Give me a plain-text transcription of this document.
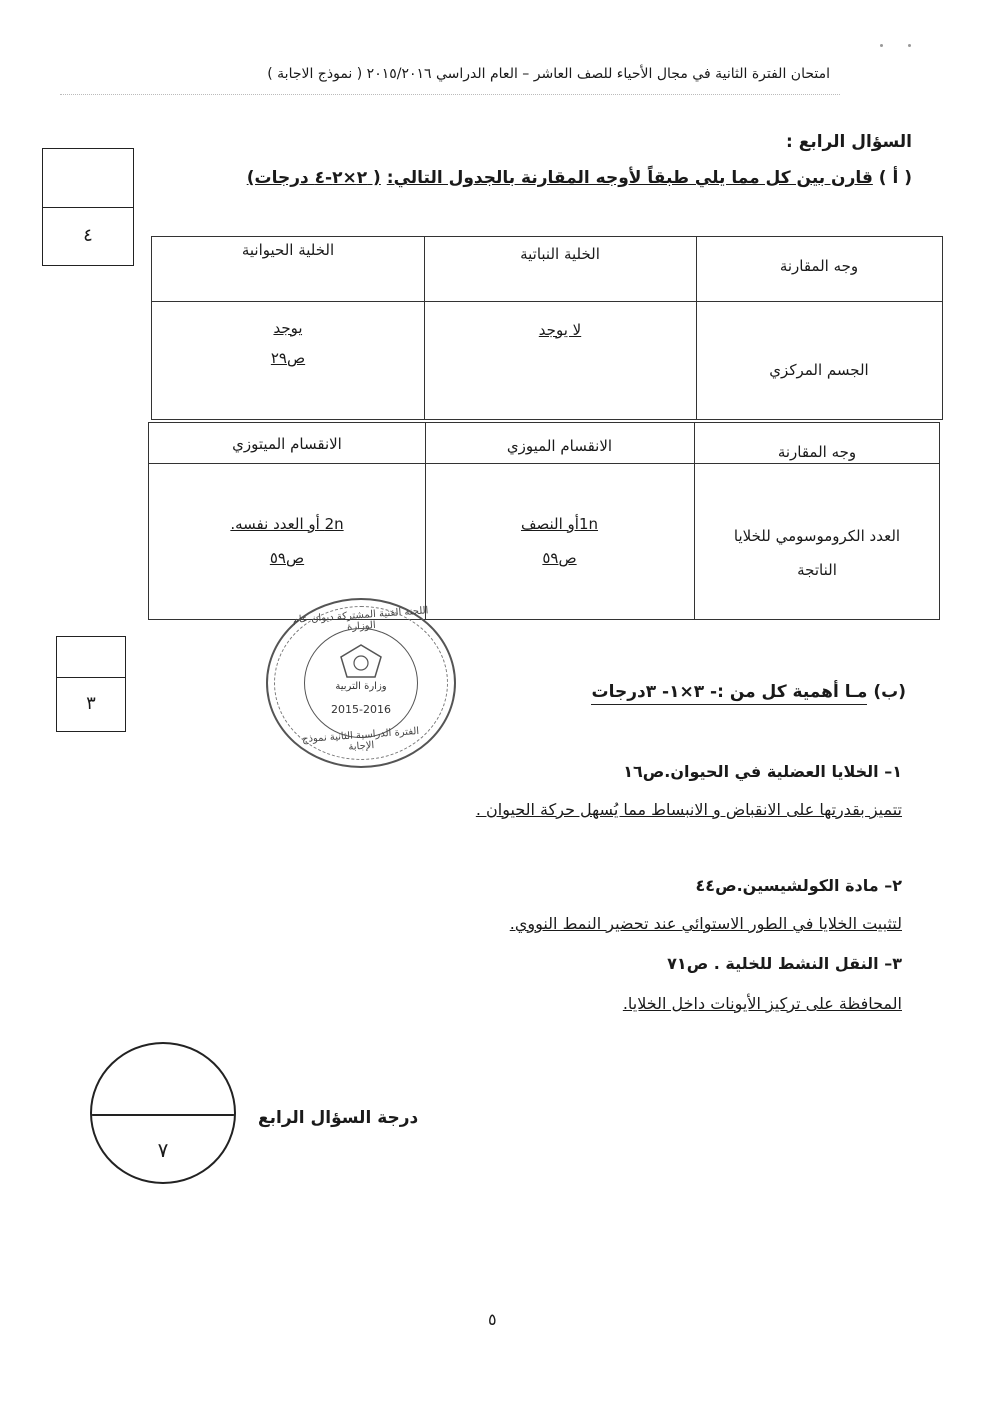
امتحان الفترة الثانية في مجال الأحياء للصف العاشر – العام الدراسي ٢٠١٥/٢٠١٦ ( نموذج الاجابة )
السؤال الرابع :
( أ ) قارن بين كل مما يلي طبقاً لأوجه المقارنة بالجدول التالي: ( ٢×٢-٤ درجات)
٤
وجه المقارنة
الخلية النباتية
الخلية الحيوانية
الجسم المركزي
لا يوجد
يوجد
ص٢٩
وجه المقارنة
الانقسام الميوزي
الانقسام الميتوزي
العدد الكروموسومي للخلايا
الناتجة
1nأو النصف
ص٥٩
2n أو العدد نفسه.
ص٥٩
اللجنة الفنية المشتركة ديوان عام الوزارة
وزارة التربية
2015-2016
الفترة الدراسية الثانية نموذج الإجابة
٣
(ب) مـا أهمية كل من :- ٣×١- ٣درجات
١– الخلايا العضلية في الحيوان.ص١٦
تتميز بقدرتها على الانقباض و الانبساط مما يُسهل حركة الحيوان .
٢– مادة الكولشيسين.ص٤٤
لتثبيت الخلايا في الطور الاستوائي عند تحضير النمط النووي.
٣– النقل النشط للخلية . ص٧١
المحافظة على تركيز الأيونات داخل الخلايا.
٧
درجة السؤال الرابع
٥
